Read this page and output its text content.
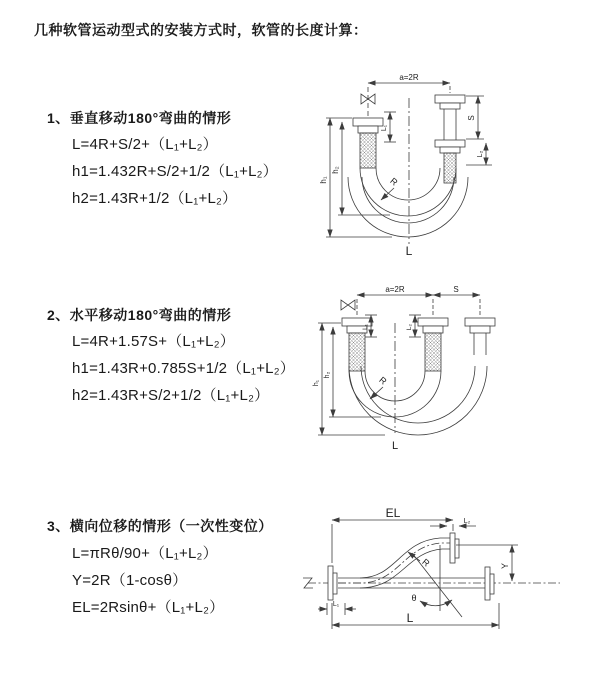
几种软管运动型式的安装方式时，软管的长度计算：
1、垂直移动180°弯曲的情形
L=4R+S/2+（L₁+L₂）
h1=1.432R+S/2+1/2（L₁+L₂）
h2=1.43R+1/2（L₁+L₂）
2、水平移动180°弯曲的情形
L=4R+1.57S+（L₁+L₂）
h1=1.43R+0.785S+1/2（L₁+L₂）
h2=1.43R+S/2+1/2（L₁+L₂）
3、横向位移的情形（一次性变位）
L=πRθ/90+（L₁+L₂）
Y=2R（1-cosθ）
EL=2Rsinθ+（L₁+L₂）
a=2R
h₁
h₂
L₁
S
L₂
R
L
a=2R	S
h₁
h₂
L₁	L₂
R
L
EL
L₂
Y
R
θ
L
L₁
